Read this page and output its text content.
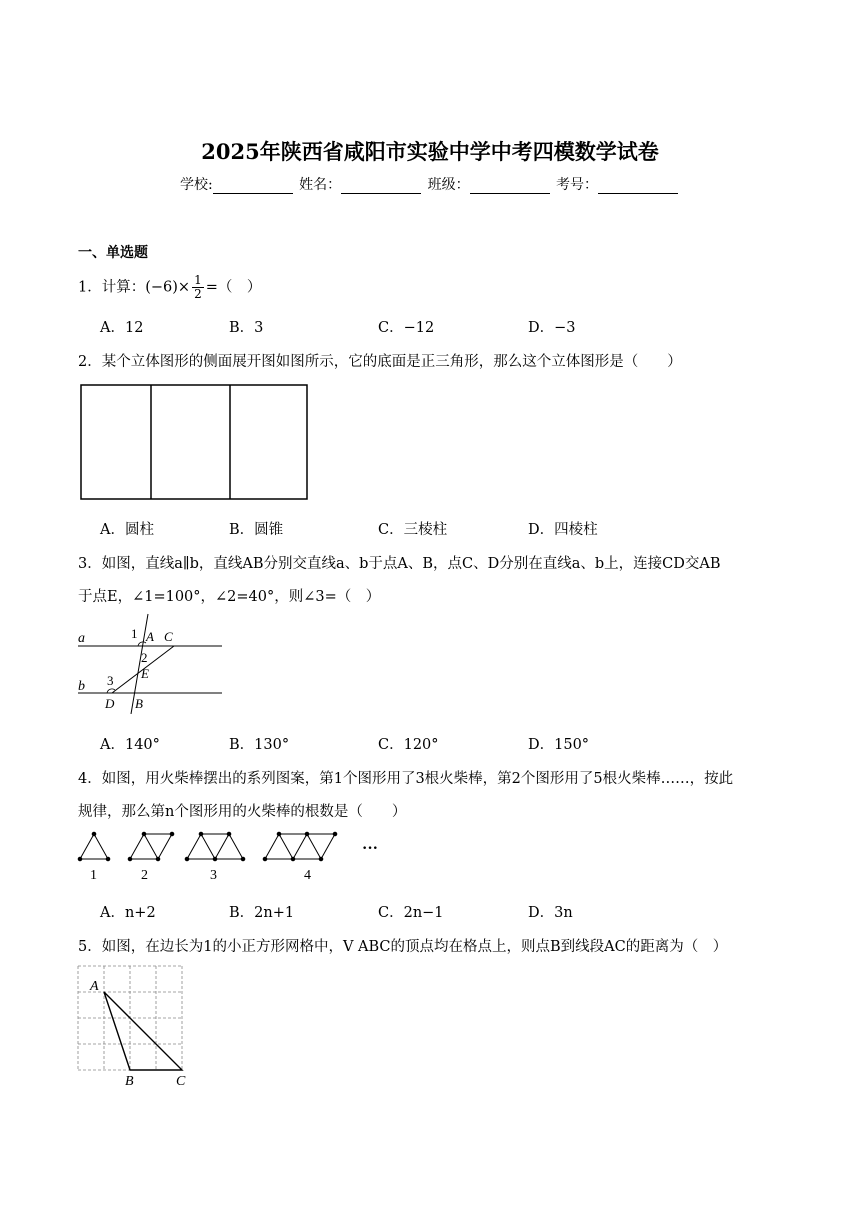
2025年陕西省咸阳市实验中学中考四模数学试卷
学校:	姓名：	班级：	考号：
一、单选题
1．计算：$(-6)\times \frac{1}{2}$ =（　）
A．12	B．3	C．−12	D．−3
2．某个立体图形的侧面展开图如图所示，它的底面是正三角形，那么这个立体图形是（　　）
A．圆柱	B．圆锥	C．三棱柱	D．四棱柱
3．如图，直线a∥b，直线AB分别交直线a、b于点A、B，点C、D分别在直线a、b上，连接CD交AB
于点E，∠1=100°，∠2=40°，则∠3=（　）
a
b
1 A C
2
E
3
D B
A．140°	B．130°	C．120°	D．150°
4．如图，用火柴棒摆出的系列图案，第1个图形用了3根火柴棒，第2个图形用了5根火柴棒……，按此
规律，那么第n个图形用的火柴棒的根数是（　　）
1	2	3	4
···
A．n+2	B．2n+1	C．2n−1	D．3n
5．如图，在边长为1的小正方形网格中，V ABC的顶点均在格点上，则点B到线段AC的距离为（　）
A
B	C
